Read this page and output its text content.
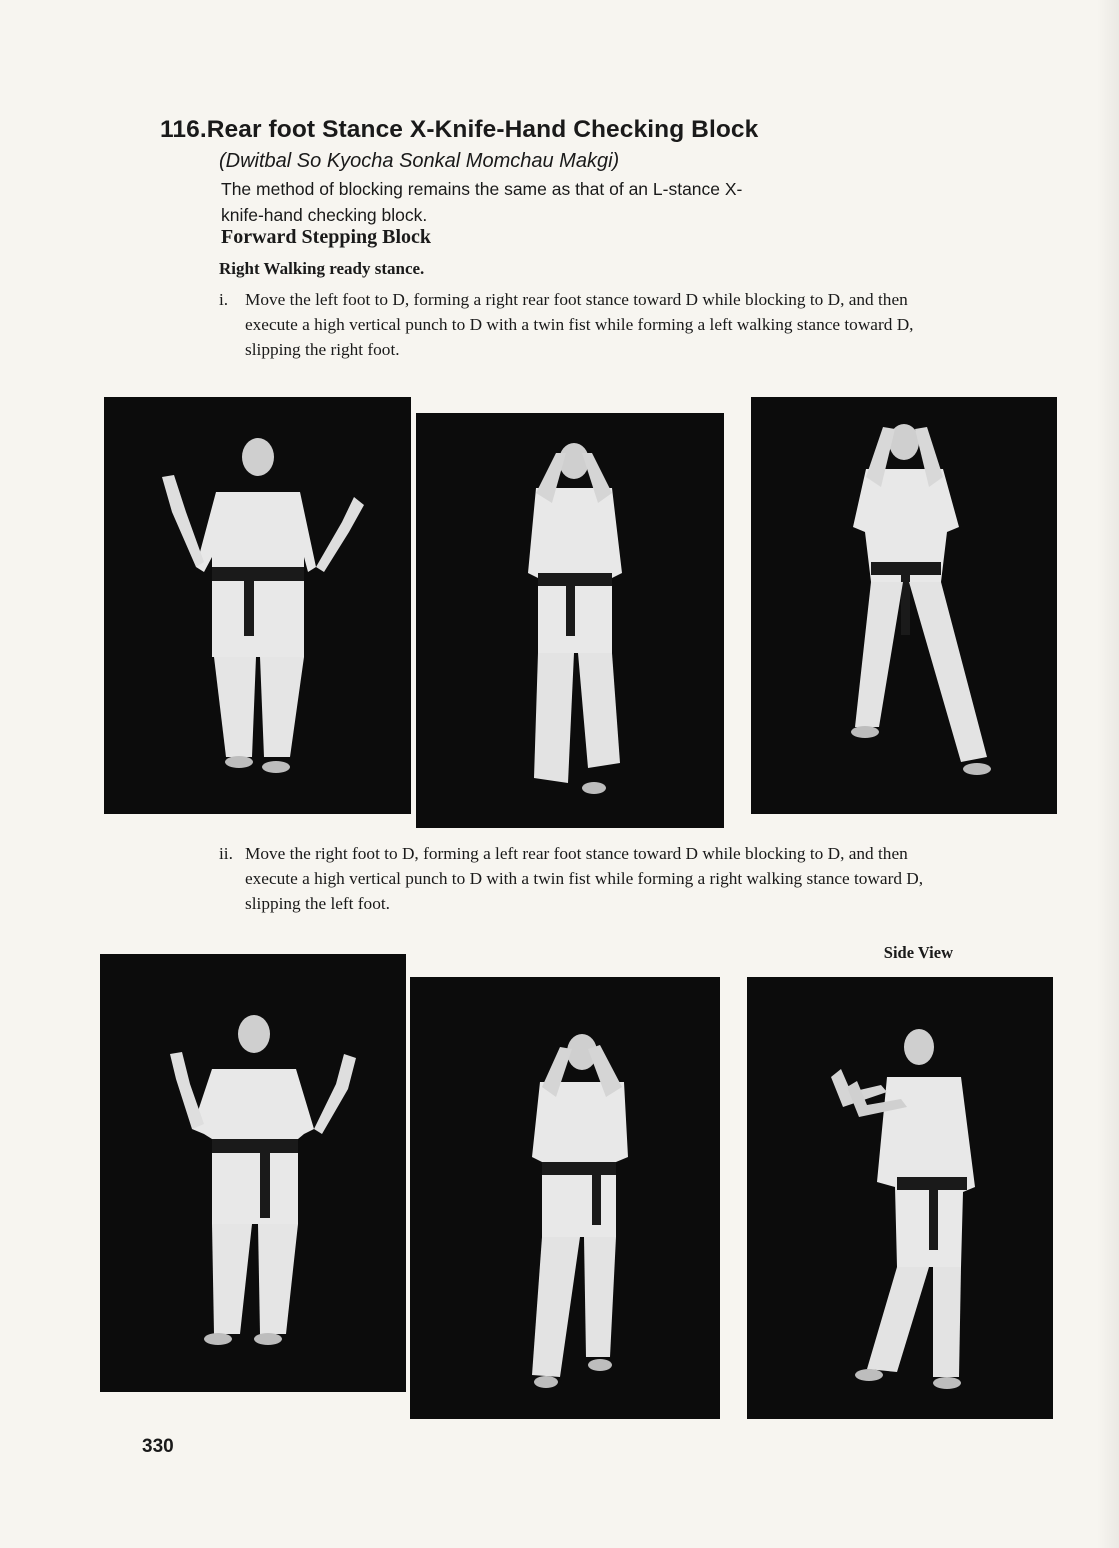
116.Rear foot Stance X-Knife-Hand Checking Block
(Dwitbal So Kyocha Sonkal Momchau Makgi)
The method of blocking remains the same as that of an L-stance X-knife-hand checking block.
Forward Stepping Block
Right Walking ready stance.
i. Move the left foot to D, forming a right rear foot stance toward D while blocking to D, and then execute a high vertical punch to D with a twin fist while forming a left walking stance toward D, slipping the right foot.
ii. Move the right foot to D, forming a left rear foot stance toward D while blocking to D, and then execute a high vertical punch to D with a twin fist while forming a right walking stance toward D, slipping the left foot.
Side View
330
